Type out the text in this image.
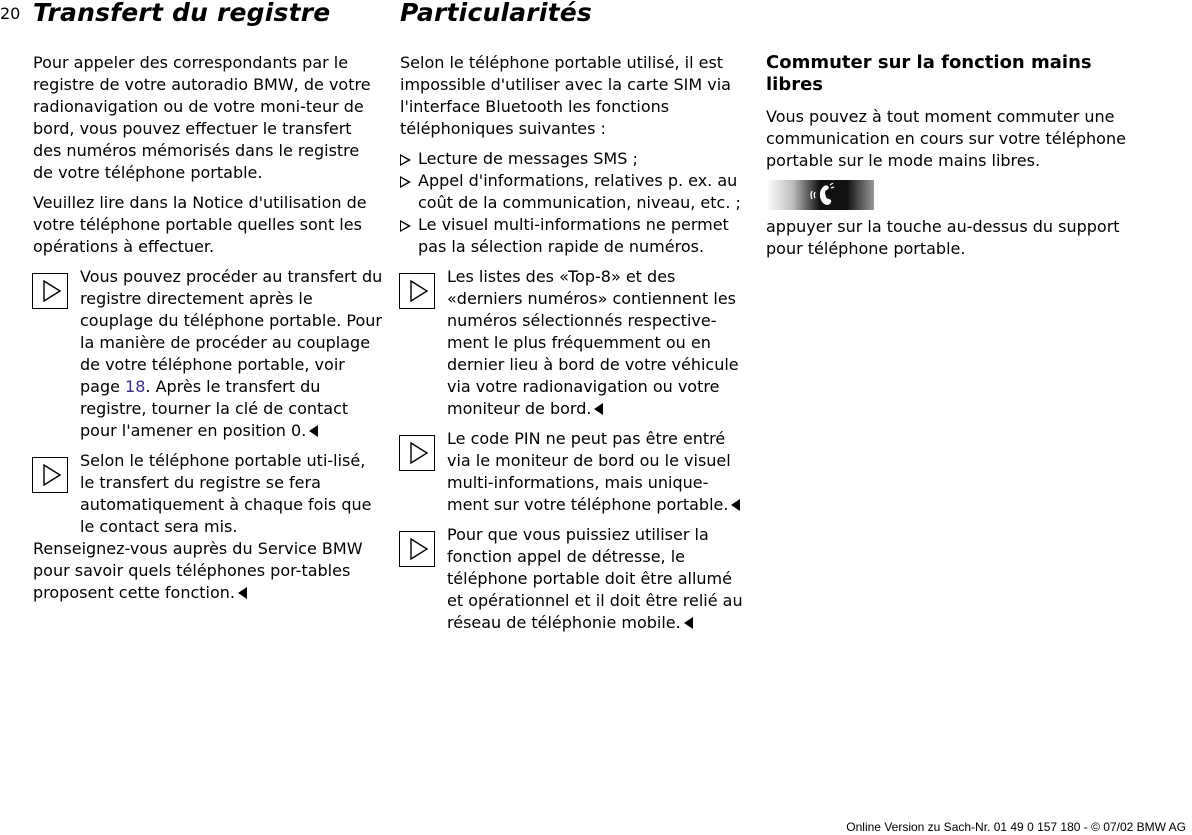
20 Transfert du registre	Particularités

Pour appeler des correspondants par le registre de votre autoradio BMW, de votre radionavigation ou de votre moni-teur de bord, vous pouvez effectuer le transfert des numéros mémorisés dans le registre de votre téléphone portable.

Veuillez lire dans la Notice d'utilisation de votre téléphone portable quelles sont les opérations à effectuer.

Vous pouvez procéder au transfert du registre directement après le couplage du téléphone portable. Pour la manière de procéder au couplage de votre téléphone portable, voir page 18. Après le transfert du registre, tourner la clé de contact pour l'amener en position 0.

Selon le téléphone portable uti-lisé, le transfert du registre se fera automatiquement à chaque fois que le contact sera mis.

Renseignez-vous auprès du Service BMW pour savoir quels téléphones por-tables proposent cette fonction.

Selon le téléphone portable utilisé, il est impossible d'utiliser avec la carte SIM via l'interface Bluetooth les fonctions téléphoniques suivantes :

Lecture de messages SMS ;
Appel d'informations, relatives p. ex. au coût de la communication, niveau, etc. ;
Le visuel multi-informations ne permet pas la sélection rapide de numéros.

Les listes des «Top-8» et des «derniers numéros» contiennent les numéros sélectionnés respective-ment le plus fréquemment ou en dernier lieu à bord de votre véhicule via votre radionavigation ou votre moniteur de bord.

Le code PIN ne peut pas être entré via le moniteur de bord ou le visuel multi-informations, mais unique-ment sur votre téléphone portable.

Pour que vous puissiez utiliser la fonction appel de détresse, le téléphone portable doit être allumé et opérationnel et il doit être relié au réseau de téléphonie mobile.

Commuter sur la fonction mains libres

Vous pouvez à tout moment commuter une communication en cours sur votre téléphone portable sur le mode mains libres.

appuyer sur la touche au-dessus du support pour téléphone portable.

Online Version zu Sach-Nr. 01 49 0 157 180 - © 07/02 BMW AG
